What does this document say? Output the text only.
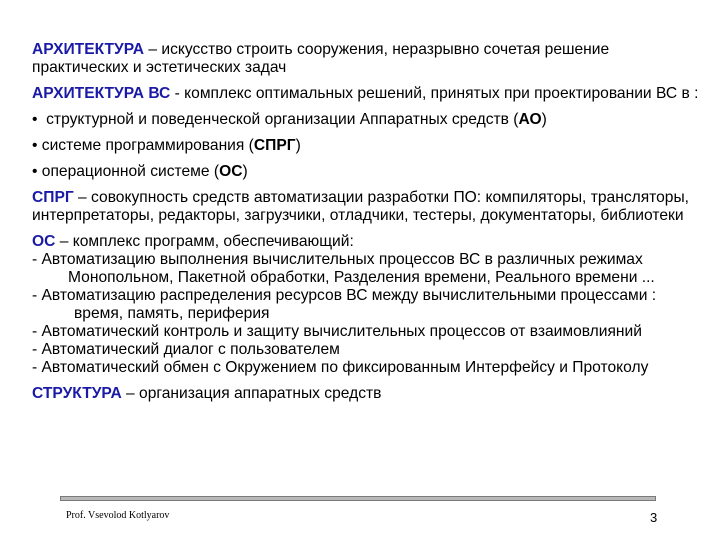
АРХИТЕКТУРА – искусство строить сооружения, неразрывно сочетая решение практических и эстетических задач

АРХИТЕКТУРА ВС - комплекс оптимальных решений, принятых при проектировании ВС в :

•  структурной и поведенческой организации Аппаратных средств (АО)

• системе программирования (СПРГ)

• операционной системе (ОС)

СПРГ – совокупность средств автоматизации разработки ПО: компиляторы, трансляторы, интерпретаторы, редакторы, загрузчики, отладчики, тестеры, документаторы, библиотеки

ОС – комплекс программ, обеспечивающий:

- Автоматизацию выполнения вычислительных процессов ВС в различных режимах
Монопольном, Пакетной обработки, Разделения времени, Реального времени ...
- Автоматизацию распределения ресурсов ВС между вычислительными процессами :
время, память, периферия
- Автоматический контроль и защиту вычислительных процессов от взаимовлияний
- Автоматический диалог с пользователем
- Автоматический обмен с Окружением по фиксированным Интерфейсу и Протоколу

СТРУКТУРА – организация аппаратных средств

Prof. Vsevolod Kotlyarov	3
